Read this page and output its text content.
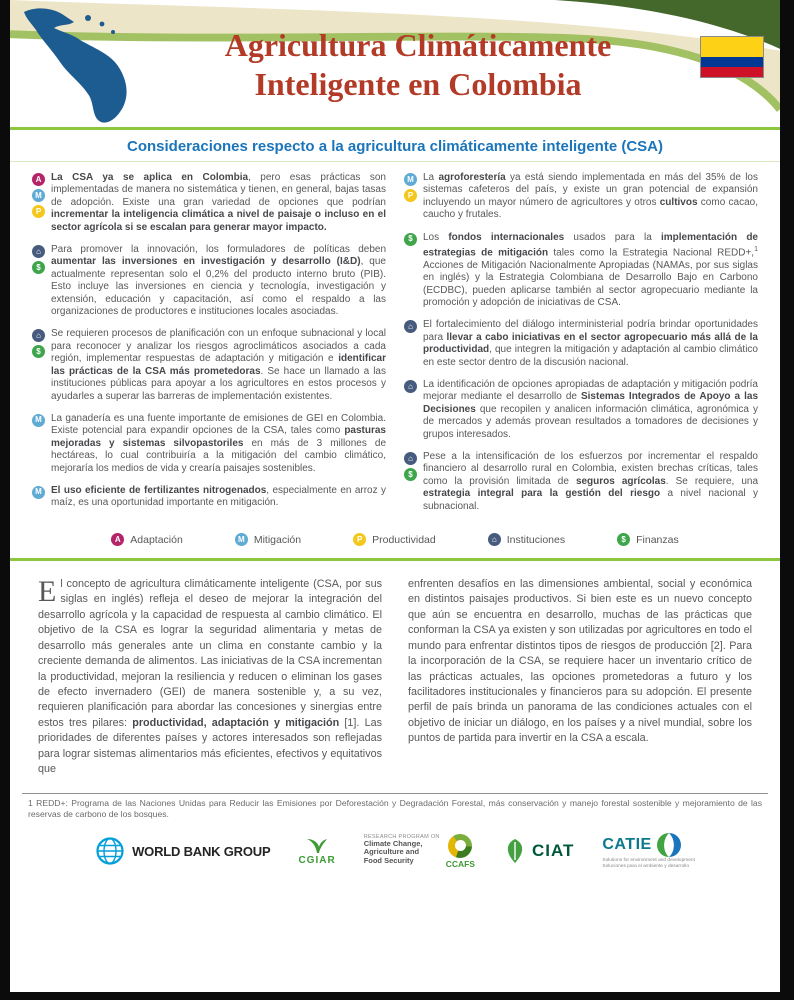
Agricultura Climáticamente
Inteligente en Colombia
Consideraciones respecto a la agricultura climáticamente inteligente (CSA)
A
M
P
La CSA ya se aplica en Colombia, pero esas prácticas son implementadas de manera no sistemática y tienen, en general, bajas tasas de adopción. Existe una gran variedad de opciones que podrían incrementar la inteligencia climática a nivel de paisaje o incluso en el sector agrícola si se escalan para generar mayor impacto.
⌂
$
Para promover la innovación, los formuladores de políticas deben aumentar las inversiones en investigación y desarrollo (I&D), que actualmente representan solo el 0,2% del producto interno bruto (PIB). Esto incluye las inversiones en ciencia y tecnología, investigación y extensión, educación y capacitación, así como el respaldo a las organizaciones de productores e instituciones locales asociadas.
⌂
$
Se requieren procesos de planificación con un enfoque subnacional y local para reconocer y analizar los riesgos agroclimáticos asociados a cada región, implementar respuestas de adaptación y mitigación e identificar las prácticas de la CSA más prometedoras. Se hace un llamado a las instituciones públicas para apoyar a los agricultores en estos procesos y ayudarles a superar las barreras de implementación existentes.
M La ganadería es una fuente importante de emisiones de GEI en Colombia. Existe potencial para expandir opciones de la CSA, tales como pasturas mejoradas y sistemas silvopastoriles en más de 3 millones de hectáreas, lo cual contribuiría a la mitigación del cambio climático, mejoraría los medios de vida y crearía paisajes sostenibles.
M El uso eficiente de fertilizantes nitrogenados, especialmente en arroz y maíz, es una oportunidad importante en mitigación.
M
P
La agroforestería ya está siendo implementada en más del 35% de los sistemas cafeteros del país, y existe un gran potencial de expansión incluyendo un mayor número de agricultores y otros cultivos como cacao, caucho y frutales.
$	Los fondos internacionales usados para la implementación de estrategias de mitigación tales como la Estrategia Nacional REDD+,$^1$ Acciones de Mitigación Nacionalmente Apropiadas (NAMAs, por sus siglas en inglés) y la Estrategia Colombiana de Desarrollo Bajo en Carbono (ECDBC), pueden aplicarse también al sector agropecuario mediante la promoción y adopción de iniciativas de CSA.
⌂	El fortalecimiento del diálogo interministerial podría brindar oportunidades para llevar a cabo iniciativas en el sector agropecuario más allá de la productividad, que integren la mitigación y adaptación al cambio climático en este sector dentro de la discusión nacional.
⌂	La identificación de opciones apropiadas de adaptación y mitigación podría mejorar mediante el desarrollo de Sistemas Integrados de Apoyo a las Decisiones que recopilen y analicen información climática, agronómica y de mercados y además provean resultados a tomadores de decisiones y grupos interesados.
⌂
$
Pese a la intensificación de los esfuerzos por incrementar el respaldo financiero al desarrollo rural en Colombia, existen brechas críticas, tales como la provisión limitada de seguros agrícolas. Se requiere, una estrategia integral para la gestión del riesgo a nivel nacional y subnacional.
A Adaptación	M Mitigación	P Productividad	⌂ Instituciones	$ Finanzas
El concepto de agricultura climáticamente inteligente (CSA, por sus siglas en inglés) refleja el deseo de mejorar la integración del desarrollo agrícola y la capacidad de respuesta al cambio climático. El objetivo de la CSA es lograr la seguridad alimentaria y metas de desarrollo más generales ante un clima en constante cambio y la creciente demanda de alimentos. Las iniciativas de la CSA incrementan la productividad, mejoran la resiliencia y reducen o eliminan los gases de efecto invernadero (GEI) de manera sostenible y, a su vez, requieren planificación para abordar las concesiones y sinergias entre estos tres pilares: productividad, adaptación y mitigación [1]. Las prioridades de diferentes países y actores interesados son reflejadas para lograr sistemas alimentarios más eficientes, efectivos y equitativos que
enfrenten desafíos en las dimensiones ambiental, social y económica en distintos paisajes productivos. Si bien este es un nuevo concepto que aún se encuentra en desarrollo, muchas de las prácticas que conforman la CSA ya existen y son utilizadas por agricultores en todo el mundo para enfrentar distintos tipos de riesgos de producción [2]. Para la incorporación de la CSA, se requiere hacer un inventario crítico de las prácticas actuales, las opciones prometedoras a futuro y los facilitadores institucionales y financieros para su adopción. El presente perfil de país brinda un panorama de las condiciones actuales con el objetivo de iniciar un diálogo, en los países y a nivel mundial, sobre los puntos de partida para invertir en la CSA a escala.
1 REDD+: Programa de las Naciones Unidas para Reducir las Emisiones por Deforestación y Degradación Forestal, más conservación y manejo forestal sostenible y mejoramiento de las reservas de carbono de los bosques.
WORLD BANK GROUP
CGIAR
RESEARCH PROGRAM ON
Climate Change,
Agriculture and
Food Security	CCAFS
CIAT CATIE
Solutions for environment and development
Soluciones para el ambiente y desarrollo
